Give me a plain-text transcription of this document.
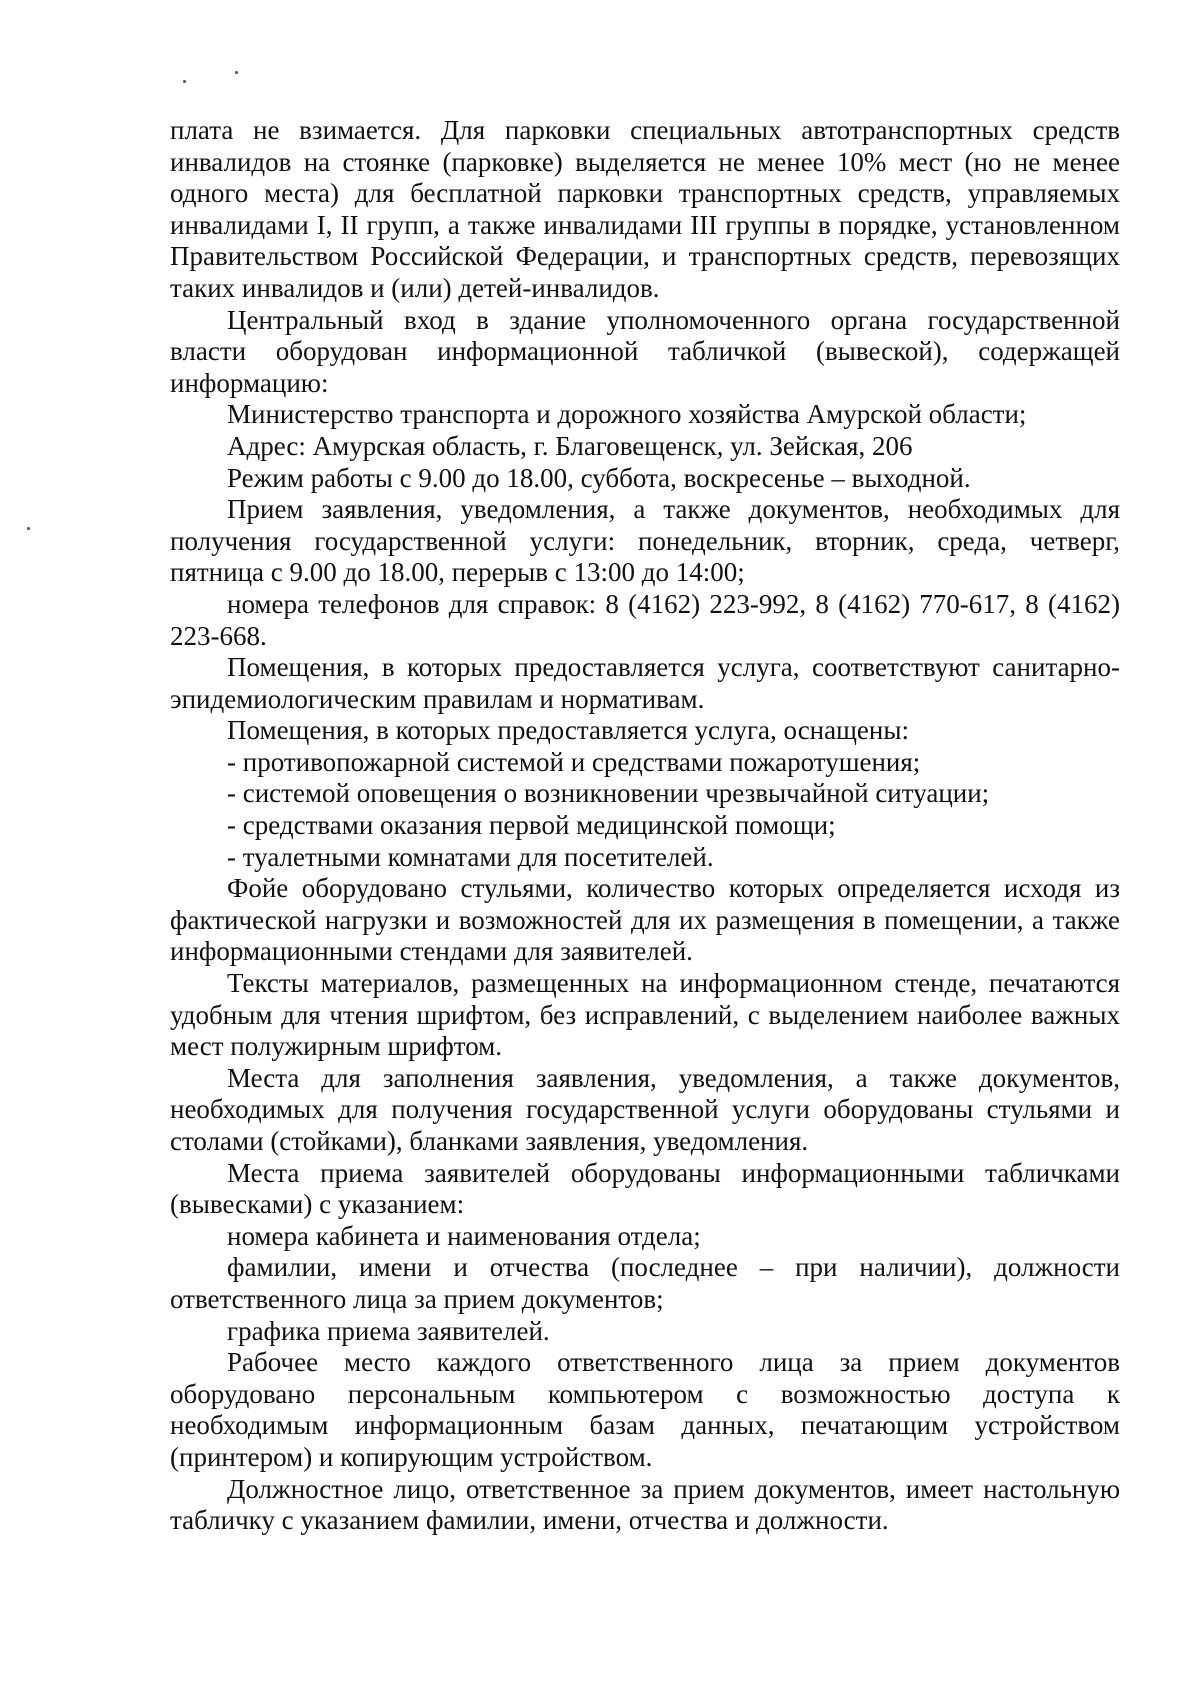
плата не взимается. Для парковки специальных автотранспортных средств инвалидов на стоянке (парковке) выделяется не менее 10% мест (но не менее одного места) для бесплатной парковки транспортных средств, управляемых инвалидами I, II групп, а также инвалидами III группы в порядке, установленном Правительством Российской Федерации, и транспортных средств, перевозящих таких инвалидов и (или) детей-инвалидов.

Центральный вход в здание уполномоченного органа государственной власти оборудован информационной табличкой (вывеской), содержащей информацию:

Министерство транспорта и дорожного хозяйства Амурской области;

Адрес: Амурская область, г. Благовещенск, ул. Зейская, 206

Режим работы с 9.00 до 18.00, суббота, воскресенье – выходной.

Прием заявления, уведомления, а также документов, необходимых для получения государственной услуги: понедельник, вторник, среда, четверг, пятница с 9.00 до 18.00, перерыв с 13:00 до 14:00;

номера телефонов для справок: 8 (4162) 223-992, 8 (4162) 770-617, 8 (4162) 223-668.

Помещения, в которых предоставляется услуга, соответствуют санитарно-эпидемиологическим правилам и нормативам.

Помещения, в которых предоставляется услуга, оснащены:

- противопожарной системой и средствами пожаротушения;

- системой оповещения о возникновении чрезвычайной ситуации;

- средствами оказания первой медицинской помощи;

- туалетными комнатами для посетителей.

Фойе оборудовано стульями, количество которых определяется исходя из фактической нагрузки и возможностей для их размещения в помещении, а также информационными стендами для заявителей.

Тексты материалов, размещенных на информационном стенде, печатаются удобным для чтения шрифтом, без исправлений, с выделением наиболее важных мест полужирным шрифтом.

Места для заполнения заявления, уведомления, а также документов, необходимых для получения государственной услуги оборудованы стульями и столами (стойками), бланками заявления, уведомления.

Места приема заявителей оборудованы информационными табличками (вывесками) с указанием:

номера кабинета и наименования отдела;

фамилии, имени и отчества (последнее – при наличии), должности ответственного лица за прием документов;

графика приема заявителей.

Рабочее место каждого ответственного лица за прием документов оборудовано персональным компьютером с возможностью доступа к необходимым информационным базам данных, печатающим устройством (принтером) и копирующим устройством.

Должностное лицо, ответственное за прием документов, имеет настольную табличку с указанием фамилии, имени, отчества и должности.
